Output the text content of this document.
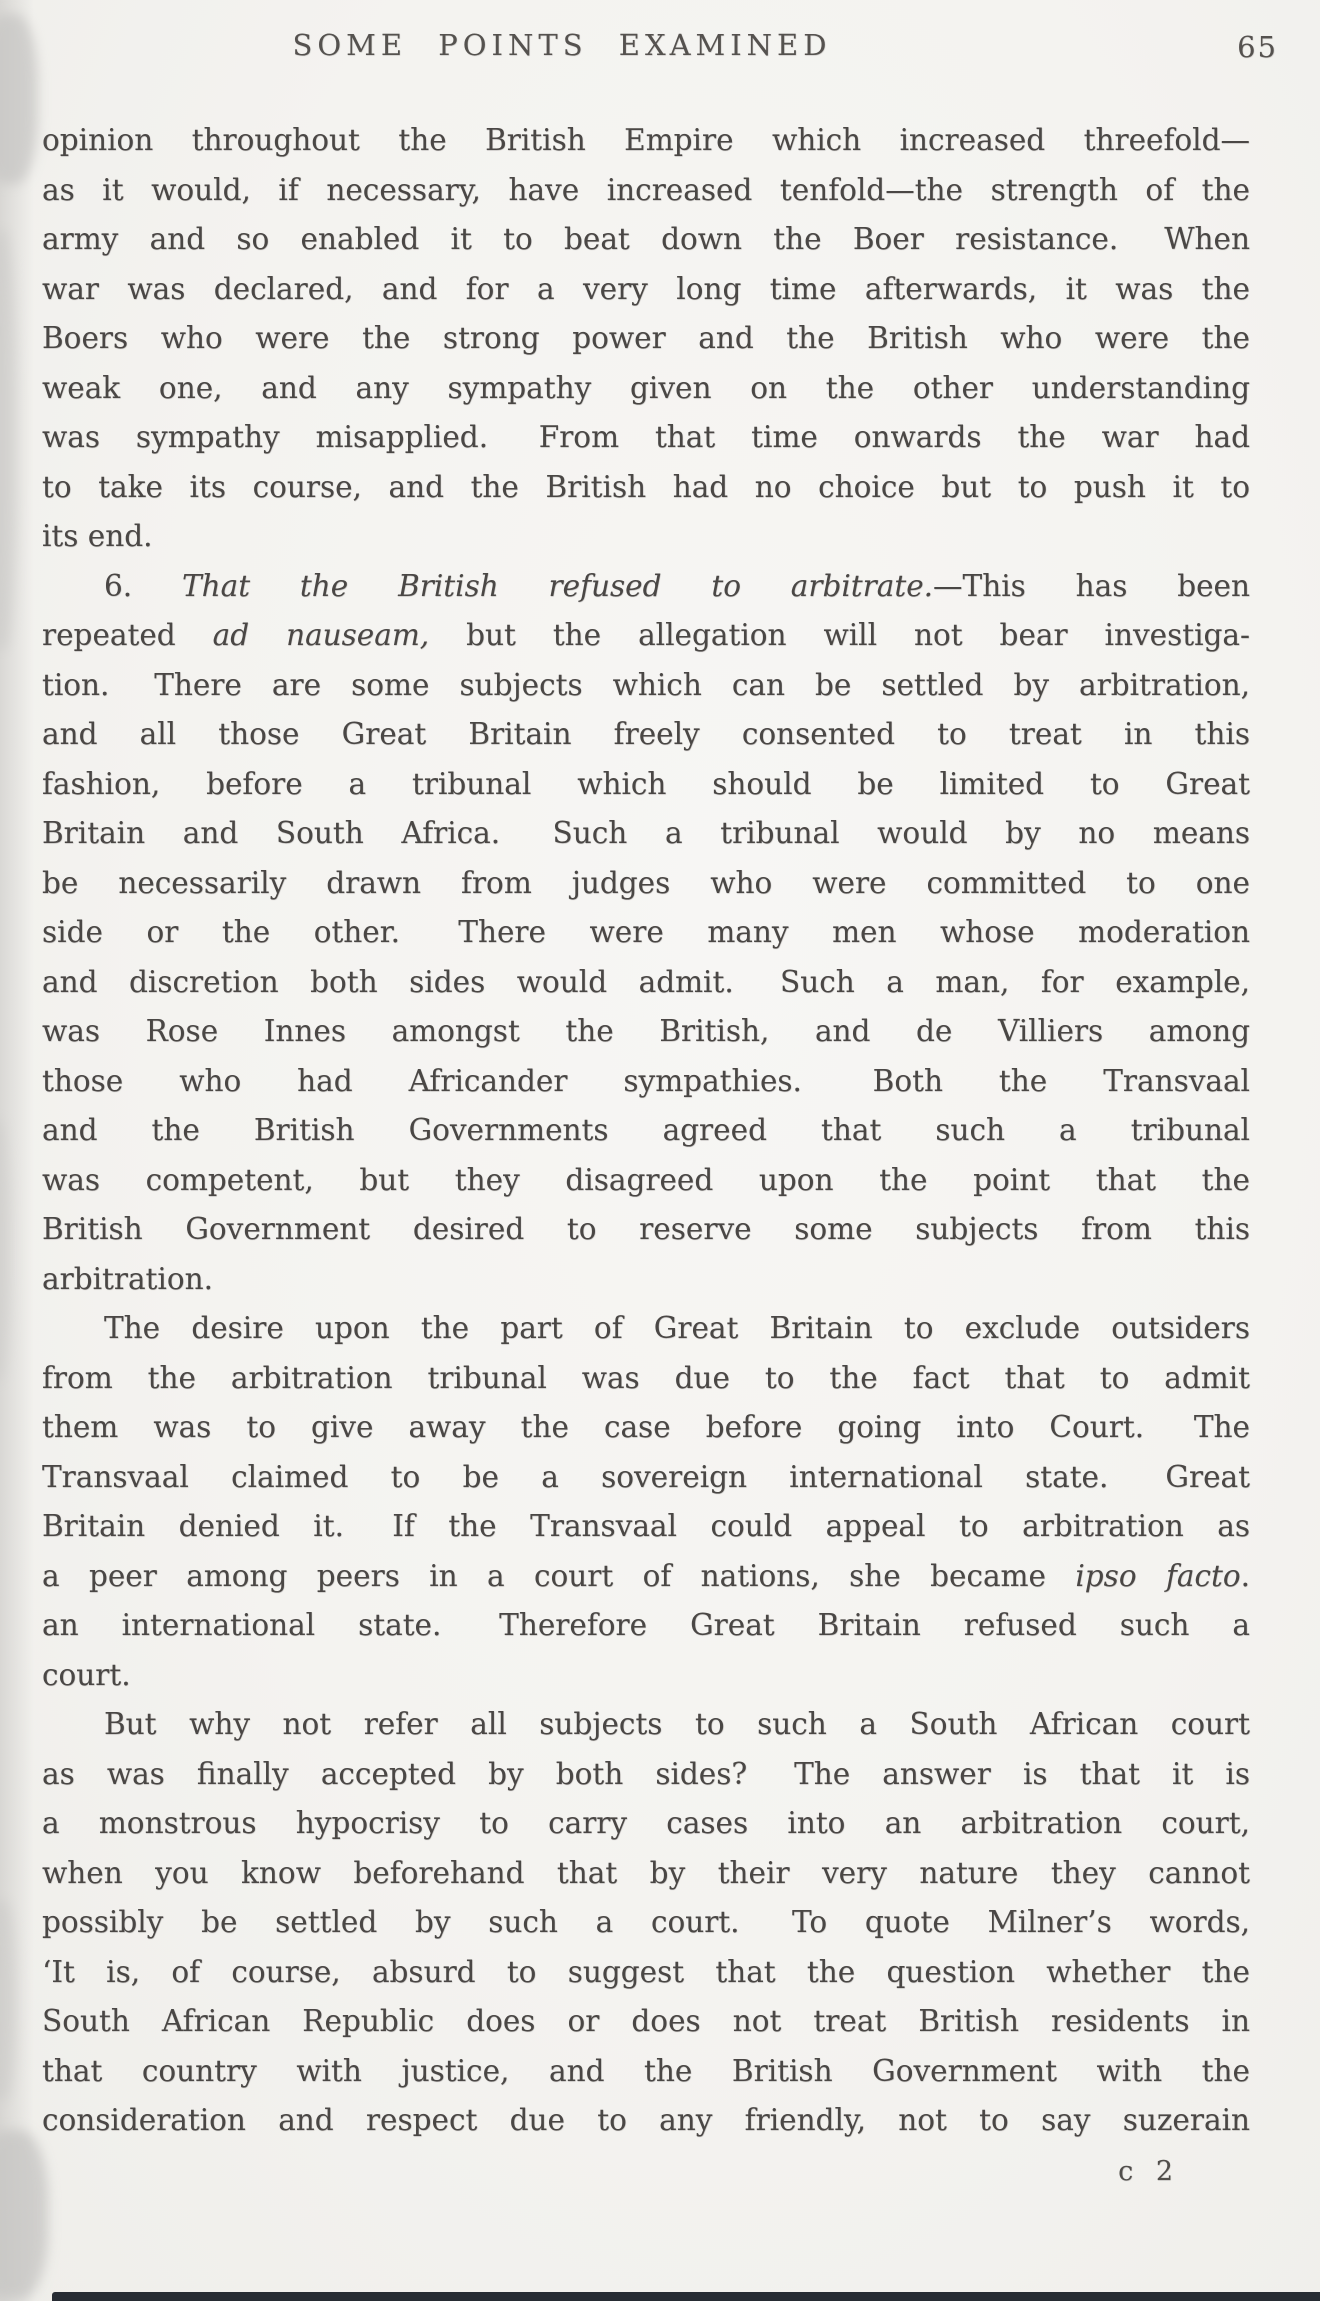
SOME POINTS EXAMINED	65
opinion throughout the British Empire which increased threefold—
as it would, if necessary, have increased tenfold—the strength of the
army and so enabled it to beat down the Boer resistance.  When
war was declared, and for a very long time afterwards, it was the
Boers who were the strong power and the British who were the
weak one, and any sympathy given on the other understanding
was sympathy misapplied.  From that time onwards the war had
to take its course, and the British had no choice but to push it to
its end.
6. That the British refused to arbitrate.—This has been
repeated ad nauseam, but the allegation will not bear investiga-
tion.  There are some subjects which can be settled by arbitration,
and all those Great Britain freely consented to treat in this
fashion, before a tribunal which should be limited to Great
Britain and South Africa.  Such a tribunal would by no means
be necessarily drawn from judges who were committed to one
side or the other.  There were many men whose moderation
and discretion both sides would admit.  Such a man, for example,
was Rose Innes amongst the British, and de Villiers among
those who had Africander sympathies.  Both the Transvaal
and the British Governments agreed that such a tribunal
was competent, but they disagreed upon the point that the
British Government desired to reserve some subjects from this
arbitration.
The desire upon the part of Great Britain to exclude outsiders
from the arbitration tribunal was due to the fact that to admit
them was to give away the case before going into Court.  The
Transvaal claimed to be a sovereign international state.  Great
Britain denied it.  If the Transvaal could appeal to arbitration as
a peer among peers in a court of nations, she became ipso facto.
an international state.  Therefore Great Britain refused such a
court.
But why not refer all subjects to such a South African court
as was finally accepted by both sides?  The answer is that it is
a monstrous hypocrisy to carry cases into an arbitration court,
when you know beforehand that by their very nature they cannot
possibly be settled by such a court.  To quote Milner’s words,
‘It is, of course, absurd to suggest that the question whether the
South African Republic does or does not treat British residents in
that country with justice, and the British Government with the
consideration and respect due to any friendly, not to say suzerain
c 2
